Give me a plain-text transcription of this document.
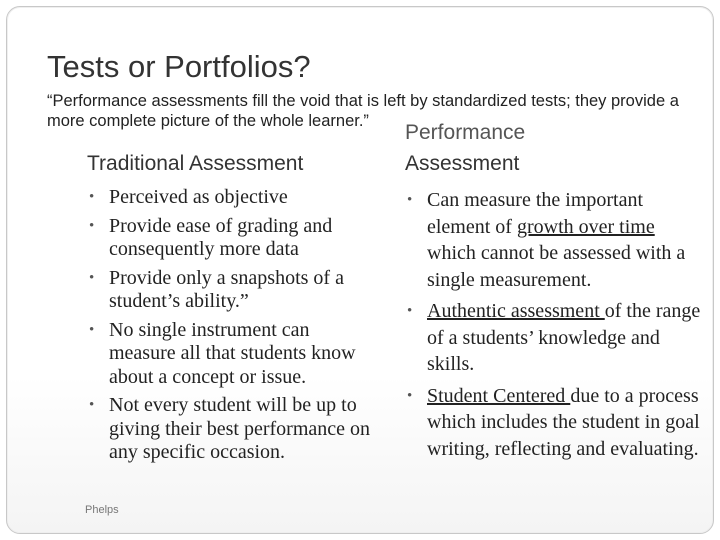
Tests or Portfolios?
“Performance assessments fill the void that is left by standardized tests; they provide a more complete picture of the whole learner.”
Traditional Assessment
Performance
Assessment
• Perceived as objective
• Provide ease of grading and consequently more data
• Provide only a snapshots of a student’s ability.”
• No single instrument can measure all that students know about a concept or issue.
• Not every student will be up to giving their best performance on any specific occasion.
• Can measure the important element of growth over time which cannot be assessed with a single measurement.
• Authentic assessment of the range of a students’ knowledge and skills.
• Student Centered due to a process which includes the student in goal writing, reflecting and evaluating.
Phelps
